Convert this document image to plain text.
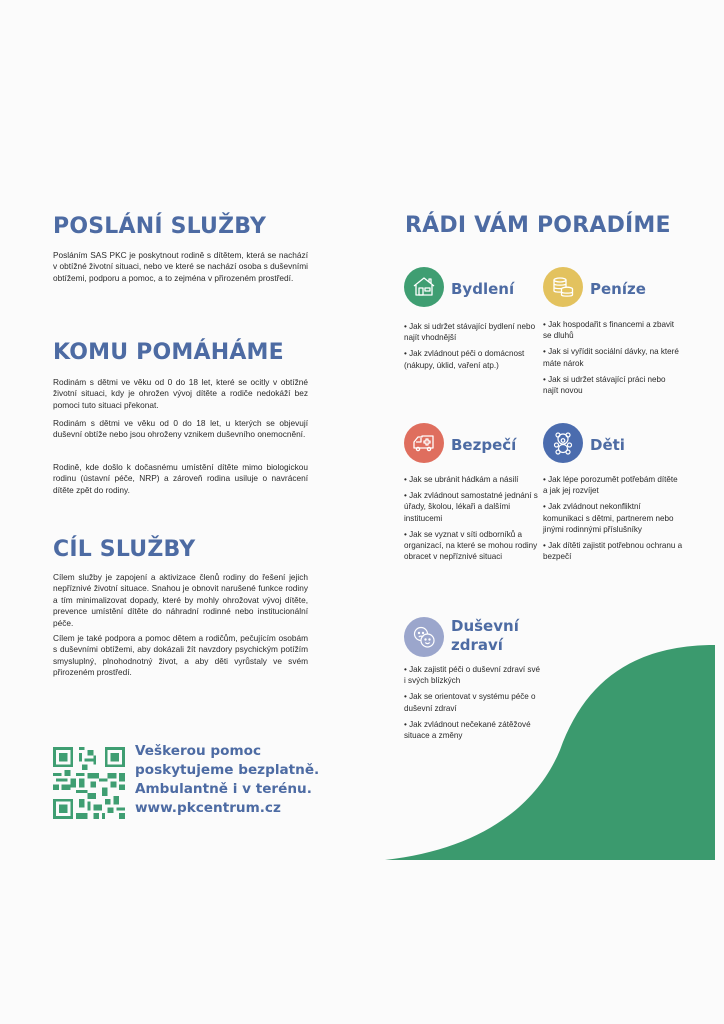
POSLÁNÍ SLUŽBY

Posláním SAS PKC je poskytnout rodině s dítětem, která se nachází v obtížné životní situaci, nebo ve které se nachází osoba s duševními obtížemi, podporu a pomoc, a to zejména v přirozeném prostředí.

KOMU POMÁHÁME

Rodinám s dětmi ve věku od 0 do 18 let, které se ocitly v obtížné životní situaci, kdy je ohrožen vývoj dítěte a rodiče nedokáží bez pomoci tuto situaci překonat.

Rodinám s dětmi ve věku od 0 do 18 let, u kterých se objevují duševní obtíže nebo jsou ohroženy vznikem duševního onemocnění.

Rodině, kde došlo k dočasnému umístění dítěte mimo biologickou rodinu (ústavní péče, NRP) a zároveň rodina usiluje o navrácení dítěte zpět do rodiny.

CÍL SLUŽBY

Cílem služby je zapojení a aktivizace členů rodiny do řešení jejich nepříznivé životní situace. Snahou je obnovit narušené funkce rodiny a tím minimalizovat dopady, které by mohly ohrožovat vývoj dítěte, prevence umístění dítěte do náhradní rodinné nebo institucionální péče.

Cílem je také podpora a pomoc dětem a rodičům, pečujícím osobám s duševními obtížemi, aby dokázali žít navzdory psychickým potížím smysluplný, plnohodnotný život, a aby děti vyrůstaly ve svém přirozeném prostředí.

Veškerou pomoc
poskytujeme bezplatně.
Ambulantně i v terénu.
www.pkcentrum.cz
RÁDI VÁM PORADÍME
Bydlení
• Jak si udržet stávající bydlení nebo najít vhodnější
• Jak zvládnout péči o domácnost (nákupy, úklid, vaření atp.)
Peníze
• Jak hospodařit s financemi a zbavit se dluhů
• Jak si vyřídit sociální dávky, na které máte nárok
• Jak si udržet stávající práci nebo najít novou
Bezpečí
• Jak se ubránit hádkám a násilí
• Jak zvládnout samostatné jednání s úřady, školou, lékaři a dalšími institucemi
• Jak se vyznat v síti odborníků a organizací, na které se mohou rodiny obracet v nepříznivé situaci
Děti
• Jak lépe porozumět potřebám dítěte a jak jej rozvíjet
• Jak zvládnout nekonfliktní komunikaci s dětmi, partnerem nebo jinými rodinnými příslušníky
• Jak dítěti zajistit potřebnou ochranu a bezpečí
Duševní
zdraví
• Jak zajistit péči o duševní zdraví své i svých blízkých
• Jak se orientovat v systému péče o duševní zdraví
• Jak zvládnout nečekané zátěžové situace a změny
